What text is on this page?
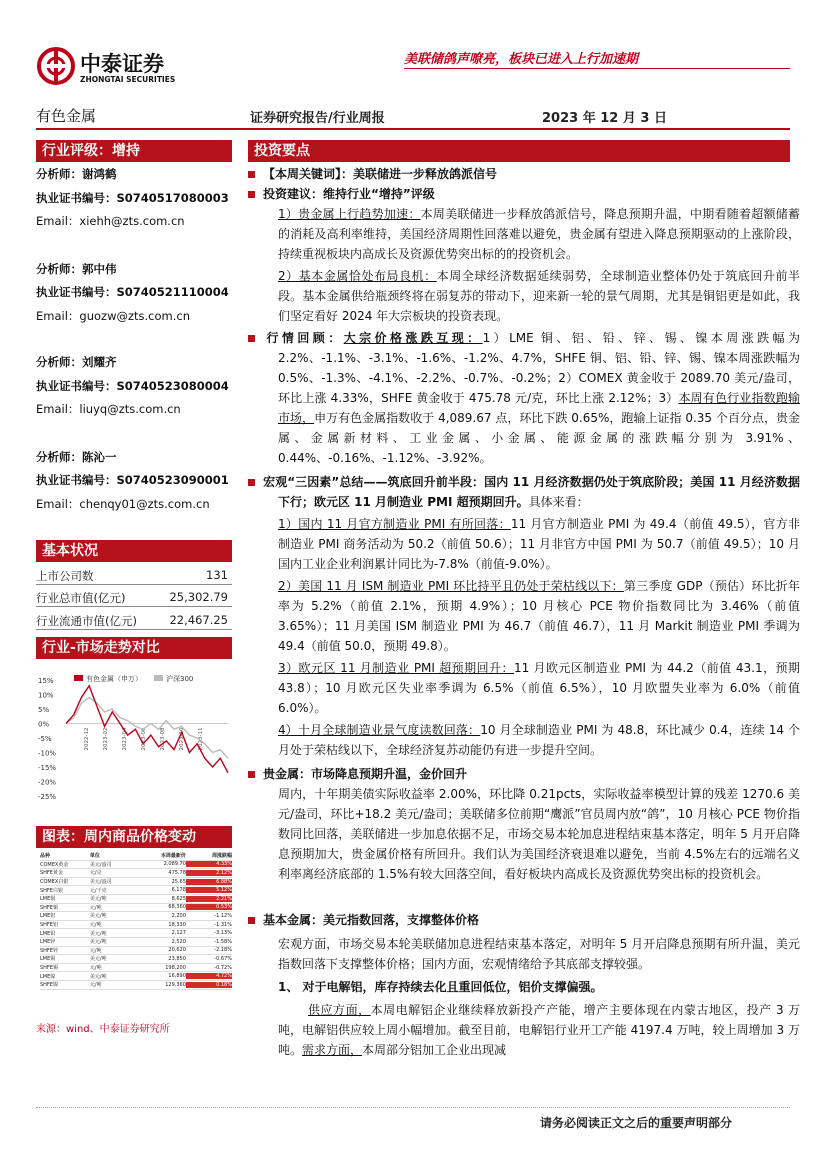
中泰证券
ZHONGTAI SECURITIES
美联储鸽声嘹亮，板块已进入上行加速期
有色金属	证券研究报告/行业周报	2023 年 12 月 3 日
行业评级：增持
分析师：谢鸿鹤
执业证书编号：S0740517080003
Email：xiehh@zts.com.cn
分析师：郭中伟
执业证书编号：S0740521110004
Email：guozw@zts.com.cn
分析师：刘耀齐
执业证书编号：S0740523080004
Email：liuyq@zts.com.cn
分析师：陈沁一
执业证书编号：S0740523090001
Email：chenqy01@zts.com.cn
基本状况
上市公司数	131
行业总市值(亿元)	25,302.79
行业流通市值(亿元)	22,467.25
行业-市场走势对比
有色金属（申万）	沪深300
15%
10%
5%
0%
-5%
-10%
-15%
-20%
-25%
2022-12 2023-02 2023-04 2023-06 2023-08 2023-10 2023-11
图表：周内商品价格变动
品种	单位	本周最新价	周涨跌幅
COMEX黄金	美元/盎司	2,089.70	4.33%
SHFE黄金	元/克	475.78	2.12%
COMEX白银	美元/盎司	25.65	6.88%
SHFE白银	元/千克	6,178	5.12%
LME铜	美元/吨	8,625	2.21%
SHFE铜	元/吨	68,360	0.53%
LME铝	美元/吨	2,200	-1.12%
SHFE铝	元/吨	18,330	-1.31%
LME铅	美元/吨	2,127	-3.13%
LME锌	美元/吨	2,520	-1.58%
SHFE锌	元/吨	20,620	-2.18%
LME锡	美元/吨	23,850	-0.67%
SHFE锡	元/吨	198,200	-0.72%
LME镍	美元/吨	16,890	4.72%
SHFE镍	元/吨	129,360	0.18%
来源：wind、中泰证券研究所
投资要点
【本周关键词】：美联储进一步释放鸽派信号
投资建议：维持行业“增持”评级
1）贵金属上行趋势加速：本周美联储进一步释放鸽派信号，降息预期升温，中期看随着超额储蓄的消耗及高利率维持，美国经济周期性回落难以避免，贵金属有望进入降息预期驱动的上涨阶段，持续重视板块内高成长及资源优势突出标的的投资机会。
2）基本金属恰处布局良机：本周全球经济数据延续弱势，全球制造业整体仍处于筑底回升前半段。基本金属供给瓶颈终将在弱复苏的带动下，迎来新一轮的景气周期，尤其是铜铝更是如此，我们坚定看好 2024 年大宗板块的投资表现。
行情回顾：大宗价格涨跌互现：1）LME 铜、铝、铅、锌、锡、镍本周涨跌幅为 2.2%、-1.1%、-3.1%、-1.6%、-1.2%、4.7%，SHFE 铜、铝、铅、锌、锡、镍本周涨跌幅为 0.5%、-1.3%、-4.1%、-2.2%、-0.7%、-0.2%；2）COMEX 黄金收于 2089.70 美元/盎司，环比上涨 4.33%，SHFE 黄金收于 475.78 元/克，环比上涨 2.12%；3）本周有色行业指数跑输市场，申万有色金属指数收于 4,089.67 点，环比下跌 0.65%，跑输上证指 0.35 个百分点，贵金属、金属新材料、工业金属、小金属、能源金属的涨跌幅分别为 3.91%、0.44%、-0.16%、-1.12%、-3.92%。
宏观“三因素”总结——筑底回升前半段：国内 11 月经济数据仍处于筑底阶段；美国 11 月经济数据下行；欧元区 11 月制造业 PMI 超预期回升。具体来看：
1）国内 11 月官方制造业 PMI 有所回落：11 月官方制造业 PMI 为 49.4（前值 49.5），官方非制造业 PMI 商务活动为 50.2（前值 50.6）；11 月非官方中国 PMI 为 50.7（前值 49.5）；10 月国内工业企业利润累计同比为-7.8%（前值-9.0%）。
2）美国 11 月 ISM 制造业 PMI 环比持平且仍处于荣枯线以下：第三季度 GDP（预估）环比折年率为 5.2%（前值 2.1%，预期 4.9%）；10 月核心 PCE 物价指数同比为 3.46%（前值 3.65%）；11 月美国 ISM 制造业 PMI 为 46.7（前值 46.7），11 月 Markit 制造业 PMI 季调为 49.4（前值 50.0，预期 49.8）。
3）欧元区 11 月制造业 PMI 超预期回升：11 月欧元区制造业 PMI 为 44.2（前值 43.1，预期 43.8）；10 月欧元区失业率季调为 6.5%（前值 6.5%），10 月欧盟失业率为 6.0%（前值 6.0%）。
4）十月全球制造业景气度读数回落：10 月全球制造业 PMI 为 48.8，环比减少 0.4，连续 14 个月处于荣枯线以下，全球经济复苏动能仍有进一步提升空间。
贵金属：市场降息预期升温，金价回升
周内，十年期美债实际收益率 2.00%，环比降 0.21pcts，实际收益率模型计算的残差 1270.6 美元/盎司，环比+18.2 美元/盎司；美联储多位前期“鹰派”官员周内放“鸽”，10 月核心 PCE 物价指数同比回落，美联储进一步加息依据不足，市场交易本轮加息进程结束基本落定，明年 5 月开启降息预期加大，贵金属价格有所回升。我们认为美国经济衰退难以避免，当前 4.5%左右的远端名义利率离经济底部的 1.5%有较大回落空间，看好板块内高成长及资源优势突出标的投资机会。
基本金属：美元指数回落，支撑整体价格
宏观方面，市场交易本轮美联储加息进程结束基本落定，对明年 5 月开启降息预期有所升温，美元指数回落下支撑整体价格；国内方面，宏观情绪给予其底部支撑较强。
1、 对于电解铝，库存持续去化且重回低位，铝价支撑偏强。
供应方面，本周电解铝企业继续释放新投产产能，增产主要体现在内蒙古地区，投产 3 万吨，电解铝供应较上周小幅增加。截至目前，电解铝行业开工产能 4197.4 万吨，较上周增加 3 万吨。需求方面，本周部分铝加工企业出现减
请务必阅读正文之后的重要声明部分
